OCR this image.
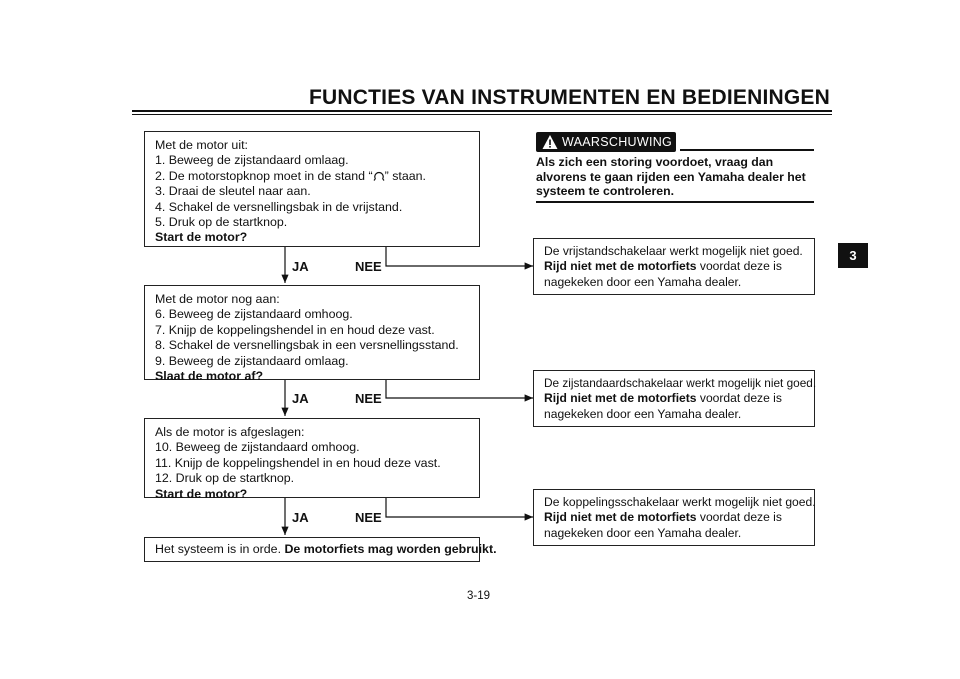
FUNCTIES VAN INSTRUMENTEN EN BEDIENINGEN
3
Met de motor uit:
1. Beweeg de zijstandaard omlaag.
2. De motorstopknop moet in de stand “ ” staan.
3. Draai de sleutel naar aan.
4. Schakel de versnellingsbak in de vrijstand.
5. Druk op de startknop.
Start de motor?
JA	NEE
Met de motor nog aan:
6. Beweeg de zijstandaard omhoog.
7. Knijp de koppelingshendel in en houd deze vast.
8. Schakel de versnellingsbak in een versnellingsstand.
9. Beweeg de zijstandaard omlaag.
Slaat de motor af?
JA	NEE
Als de motor is afgeslagen:
10. Beweeg de zijstandaard omhoog.
11. Knijp de koppelingshendel in en houd deze vast.
12. Druk op de startknop.
Start de motor?
JA	NEE
Het systeem is in orde. De motorfiets mag worden gebruikt.
WAARSCHUWING
Als zich een storing voordoet, vraag dan alvorens te gaan rijden een Yamaha dealer het systeem te controleren.
De vrijstandschakelaar werkt mogelijk niet goed.
Rijd niet met de motorfiets voordat deze is
nagekeken door een Yamaha dealer.
De zijstandaardschakelaar werkt mogelijk niet goed.
Rijd niet met de motorfiets voordat deze is
nagekeken door een Yamaha dealer.
De koppelingsschakelaar werkt mogelijk niet goed.
Rijd niet met de motorfiets voordat deze is
nagekeken door een Yamaha dealer.
3-19
